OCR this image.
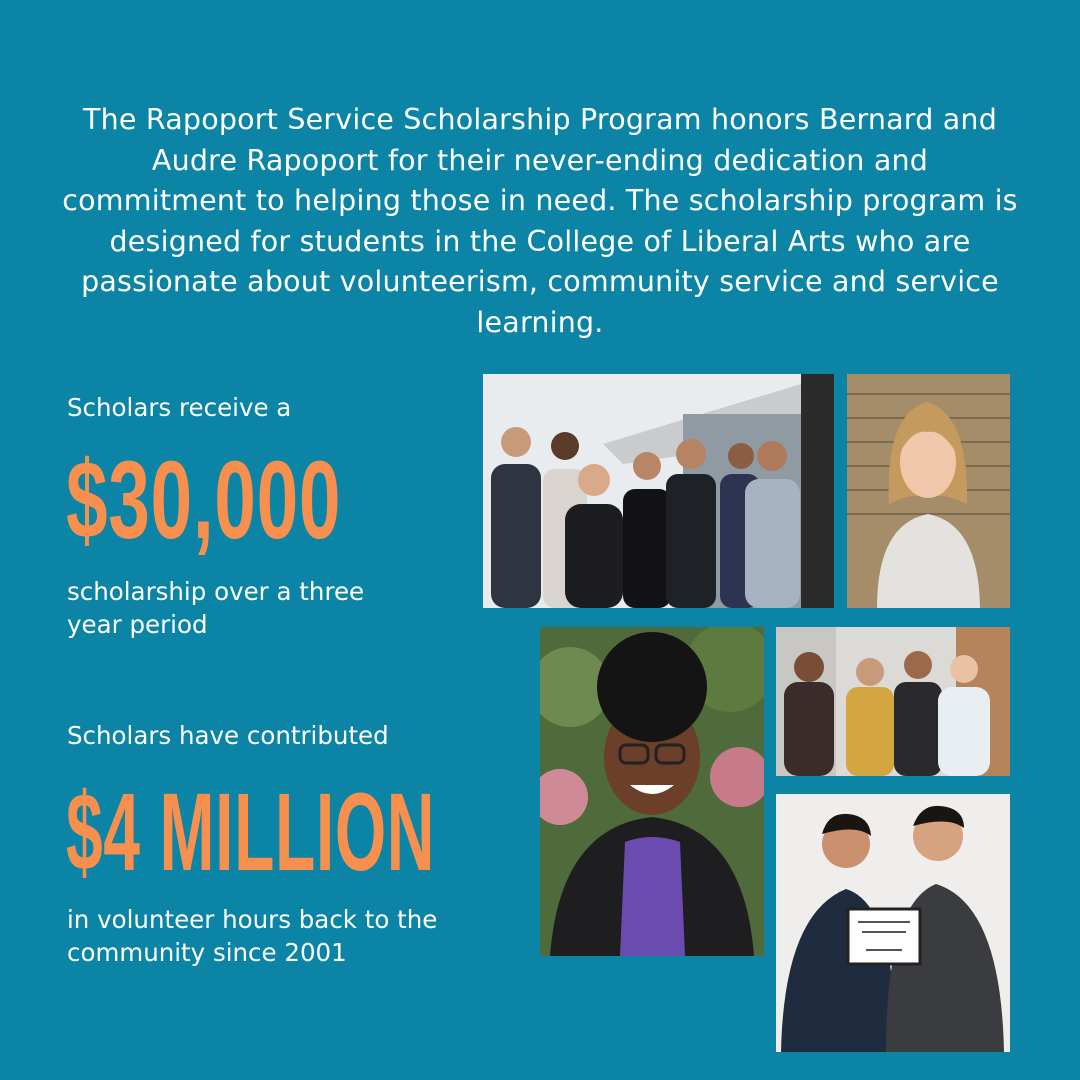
The Rapoport Service Scholarship Program honors Bernard and Audre Rapoport for their never-ending dedication and commitment to helping those in need. The scholarship program is designed for students in the College of Liberal Arts who are passionate about volunteerism, community service and service learning.

Scholars receive a

$30,000

scholarship over a three year period

Scholars have contributed

$4 MILLION

in volunteer hours back to the community since 2001
